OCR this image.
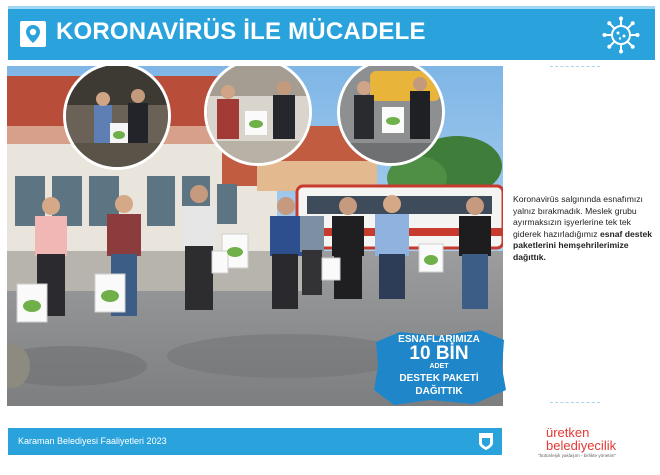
KORONAVİRÜS İLE MÜCADELE
ESNAFLARIMIZA
10 BİN
ADET
DESTEK PAKETİ
DAĞITTIK
Koronavirüs salgınında esnafımızı yalnız bırakmadık. Meslek grubu ayırmaksızın işyerlerine tek tek giderek hazırladığımız esnaf destek paketlerini hemşehrilerimize dağıttık.
Karaman Belediyesi Faaliyetleri 2023
üretken
belediyecilik
"bütünleşik yaklaşım - birlikte yönetim"
